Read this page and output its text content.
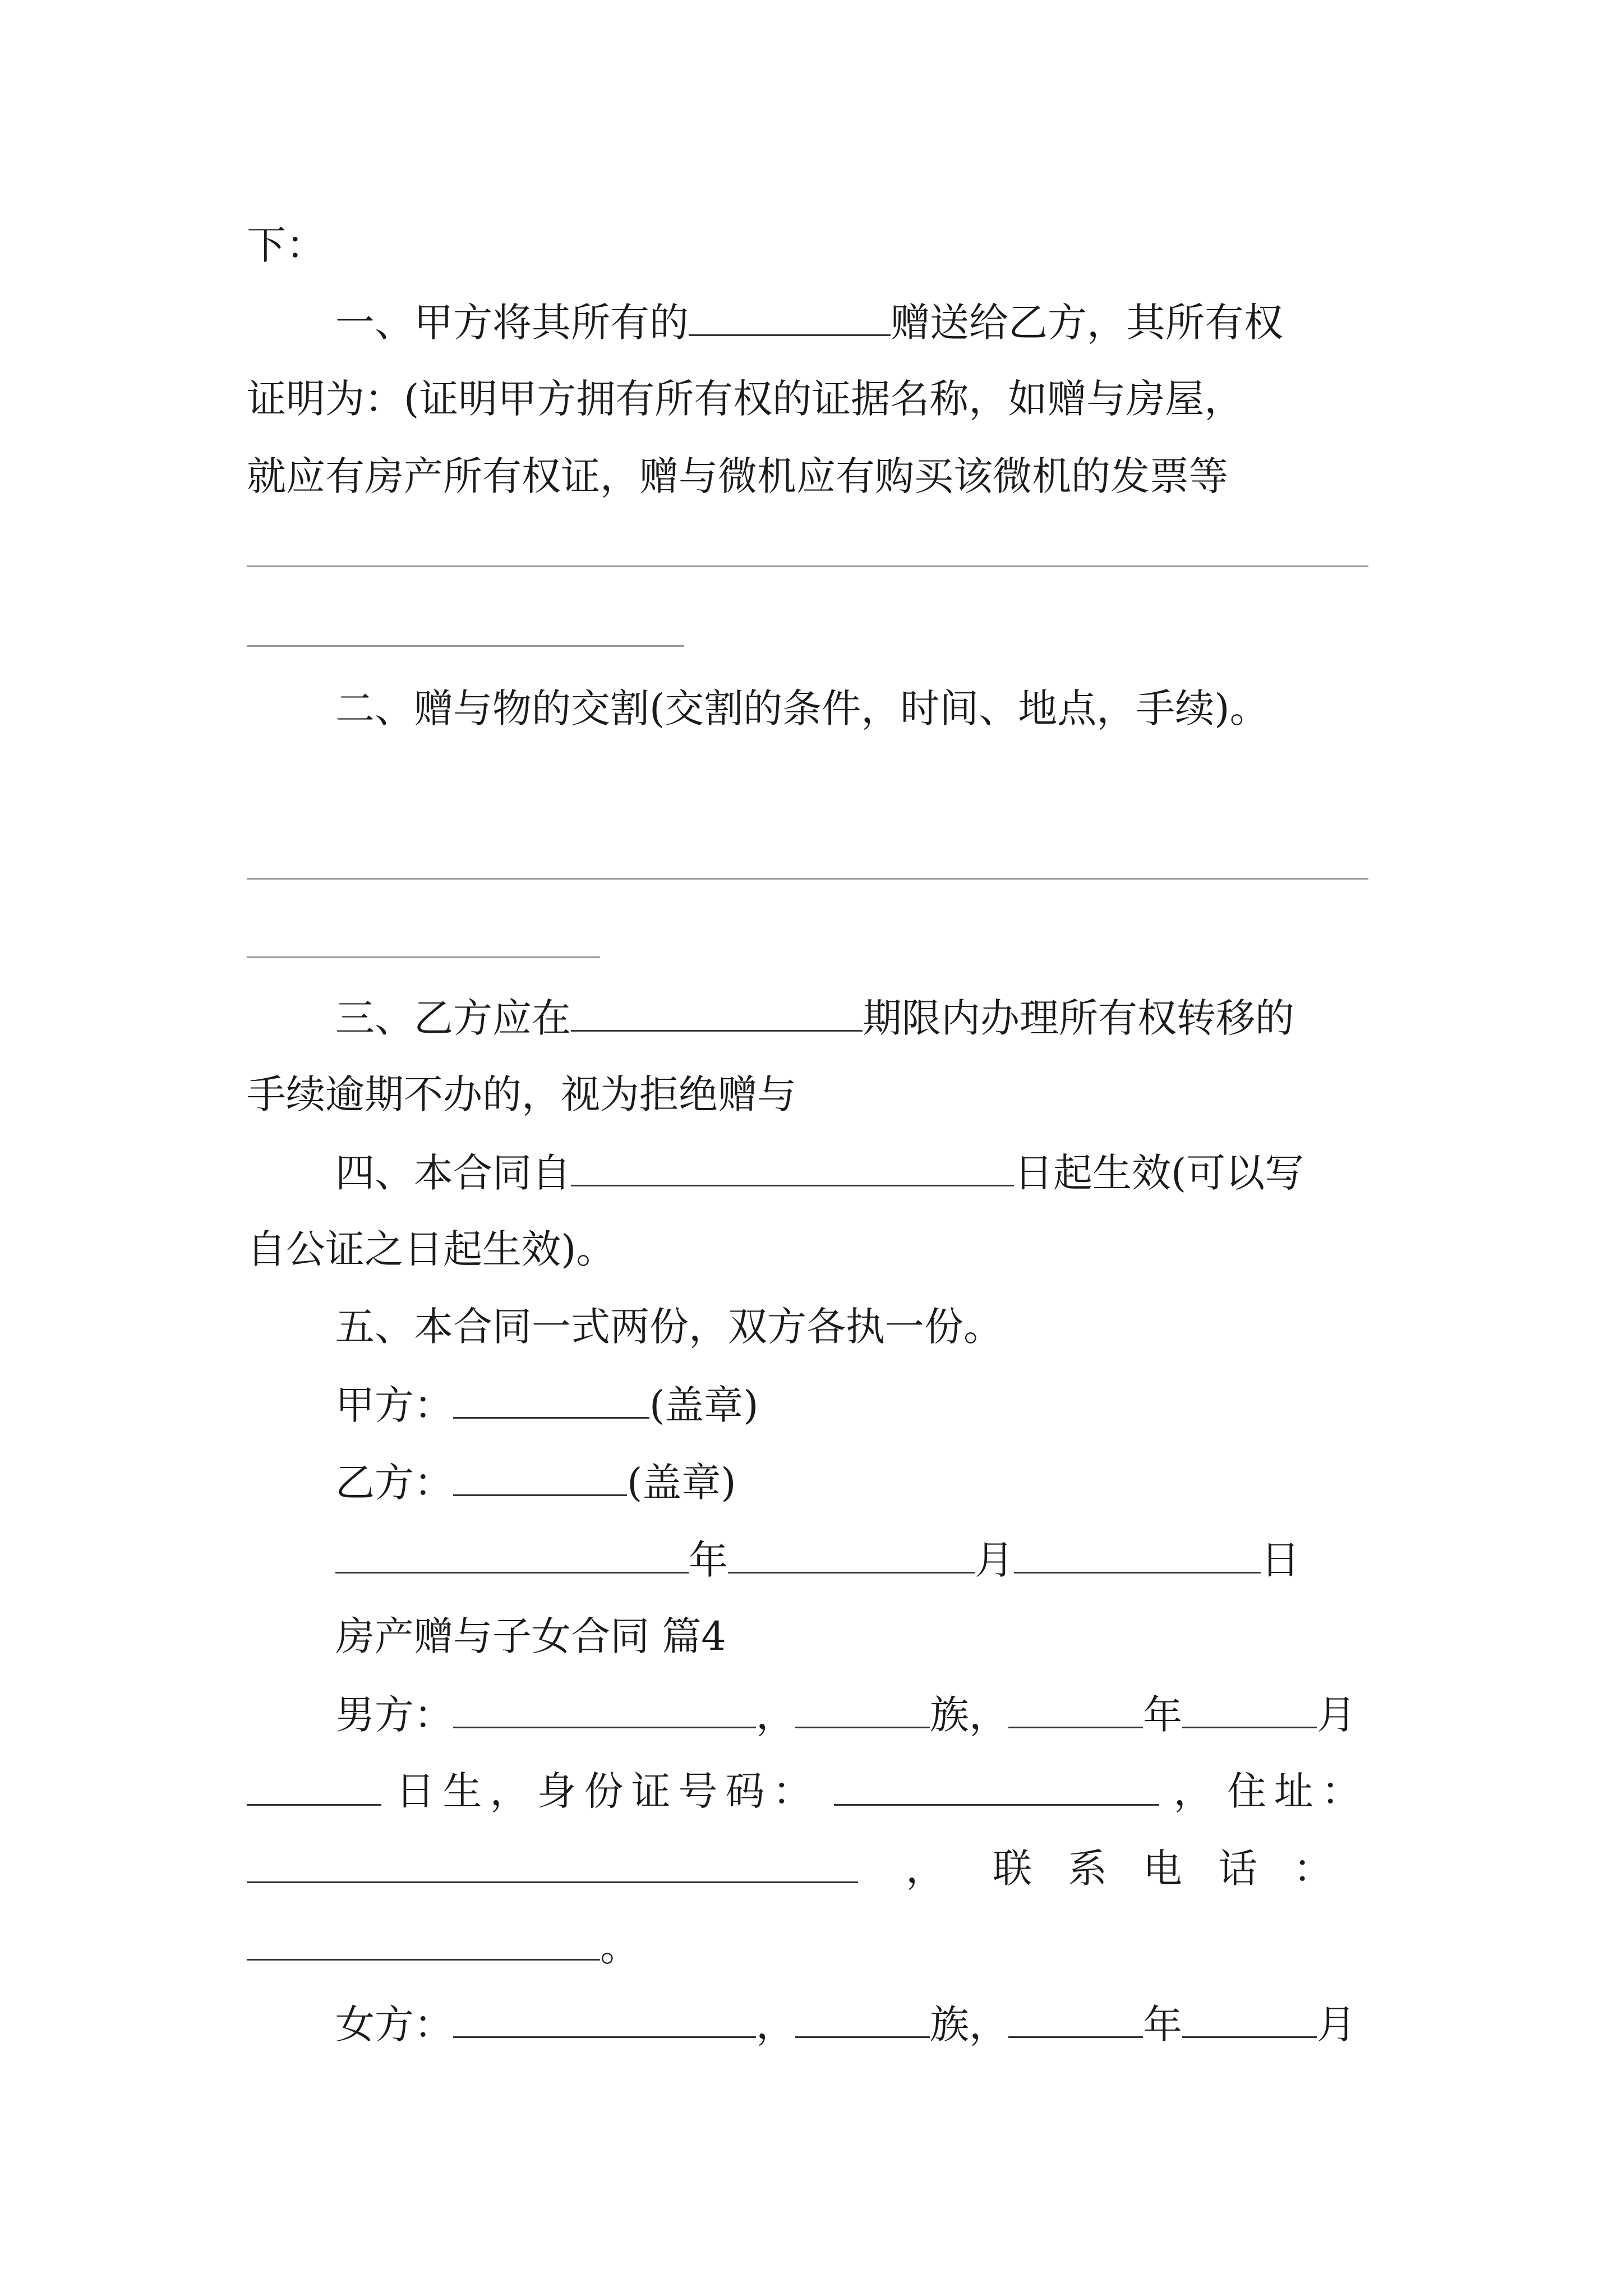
下：
一、甲方将其所有的	赠送给乙方，其所有权
证明为：(证明甲方拥有所有权的证据名称，如赠与房屋，
就应有房产所有权证，赠与微机应有购买该微机的发票等
二、赠与物的交割(交割的条件，时间、地点，手续)。
三、乙方应在	期限内办理所有权转移的
手续逾期不办的，视为拒绝赠与
四、本合同自	日起生效(可以写
自公证之日起生效)。
五、本合同一式两份，双方各执一份。
甲方：	(盖章)
乙方：	(盖章)
年	月	日
房产赠与子女合同 篇4
男方：	，	族，	年	月
日生，身份证号码：	， 住址：
， 联系电话：
。
女方：	，	族，	年	月
